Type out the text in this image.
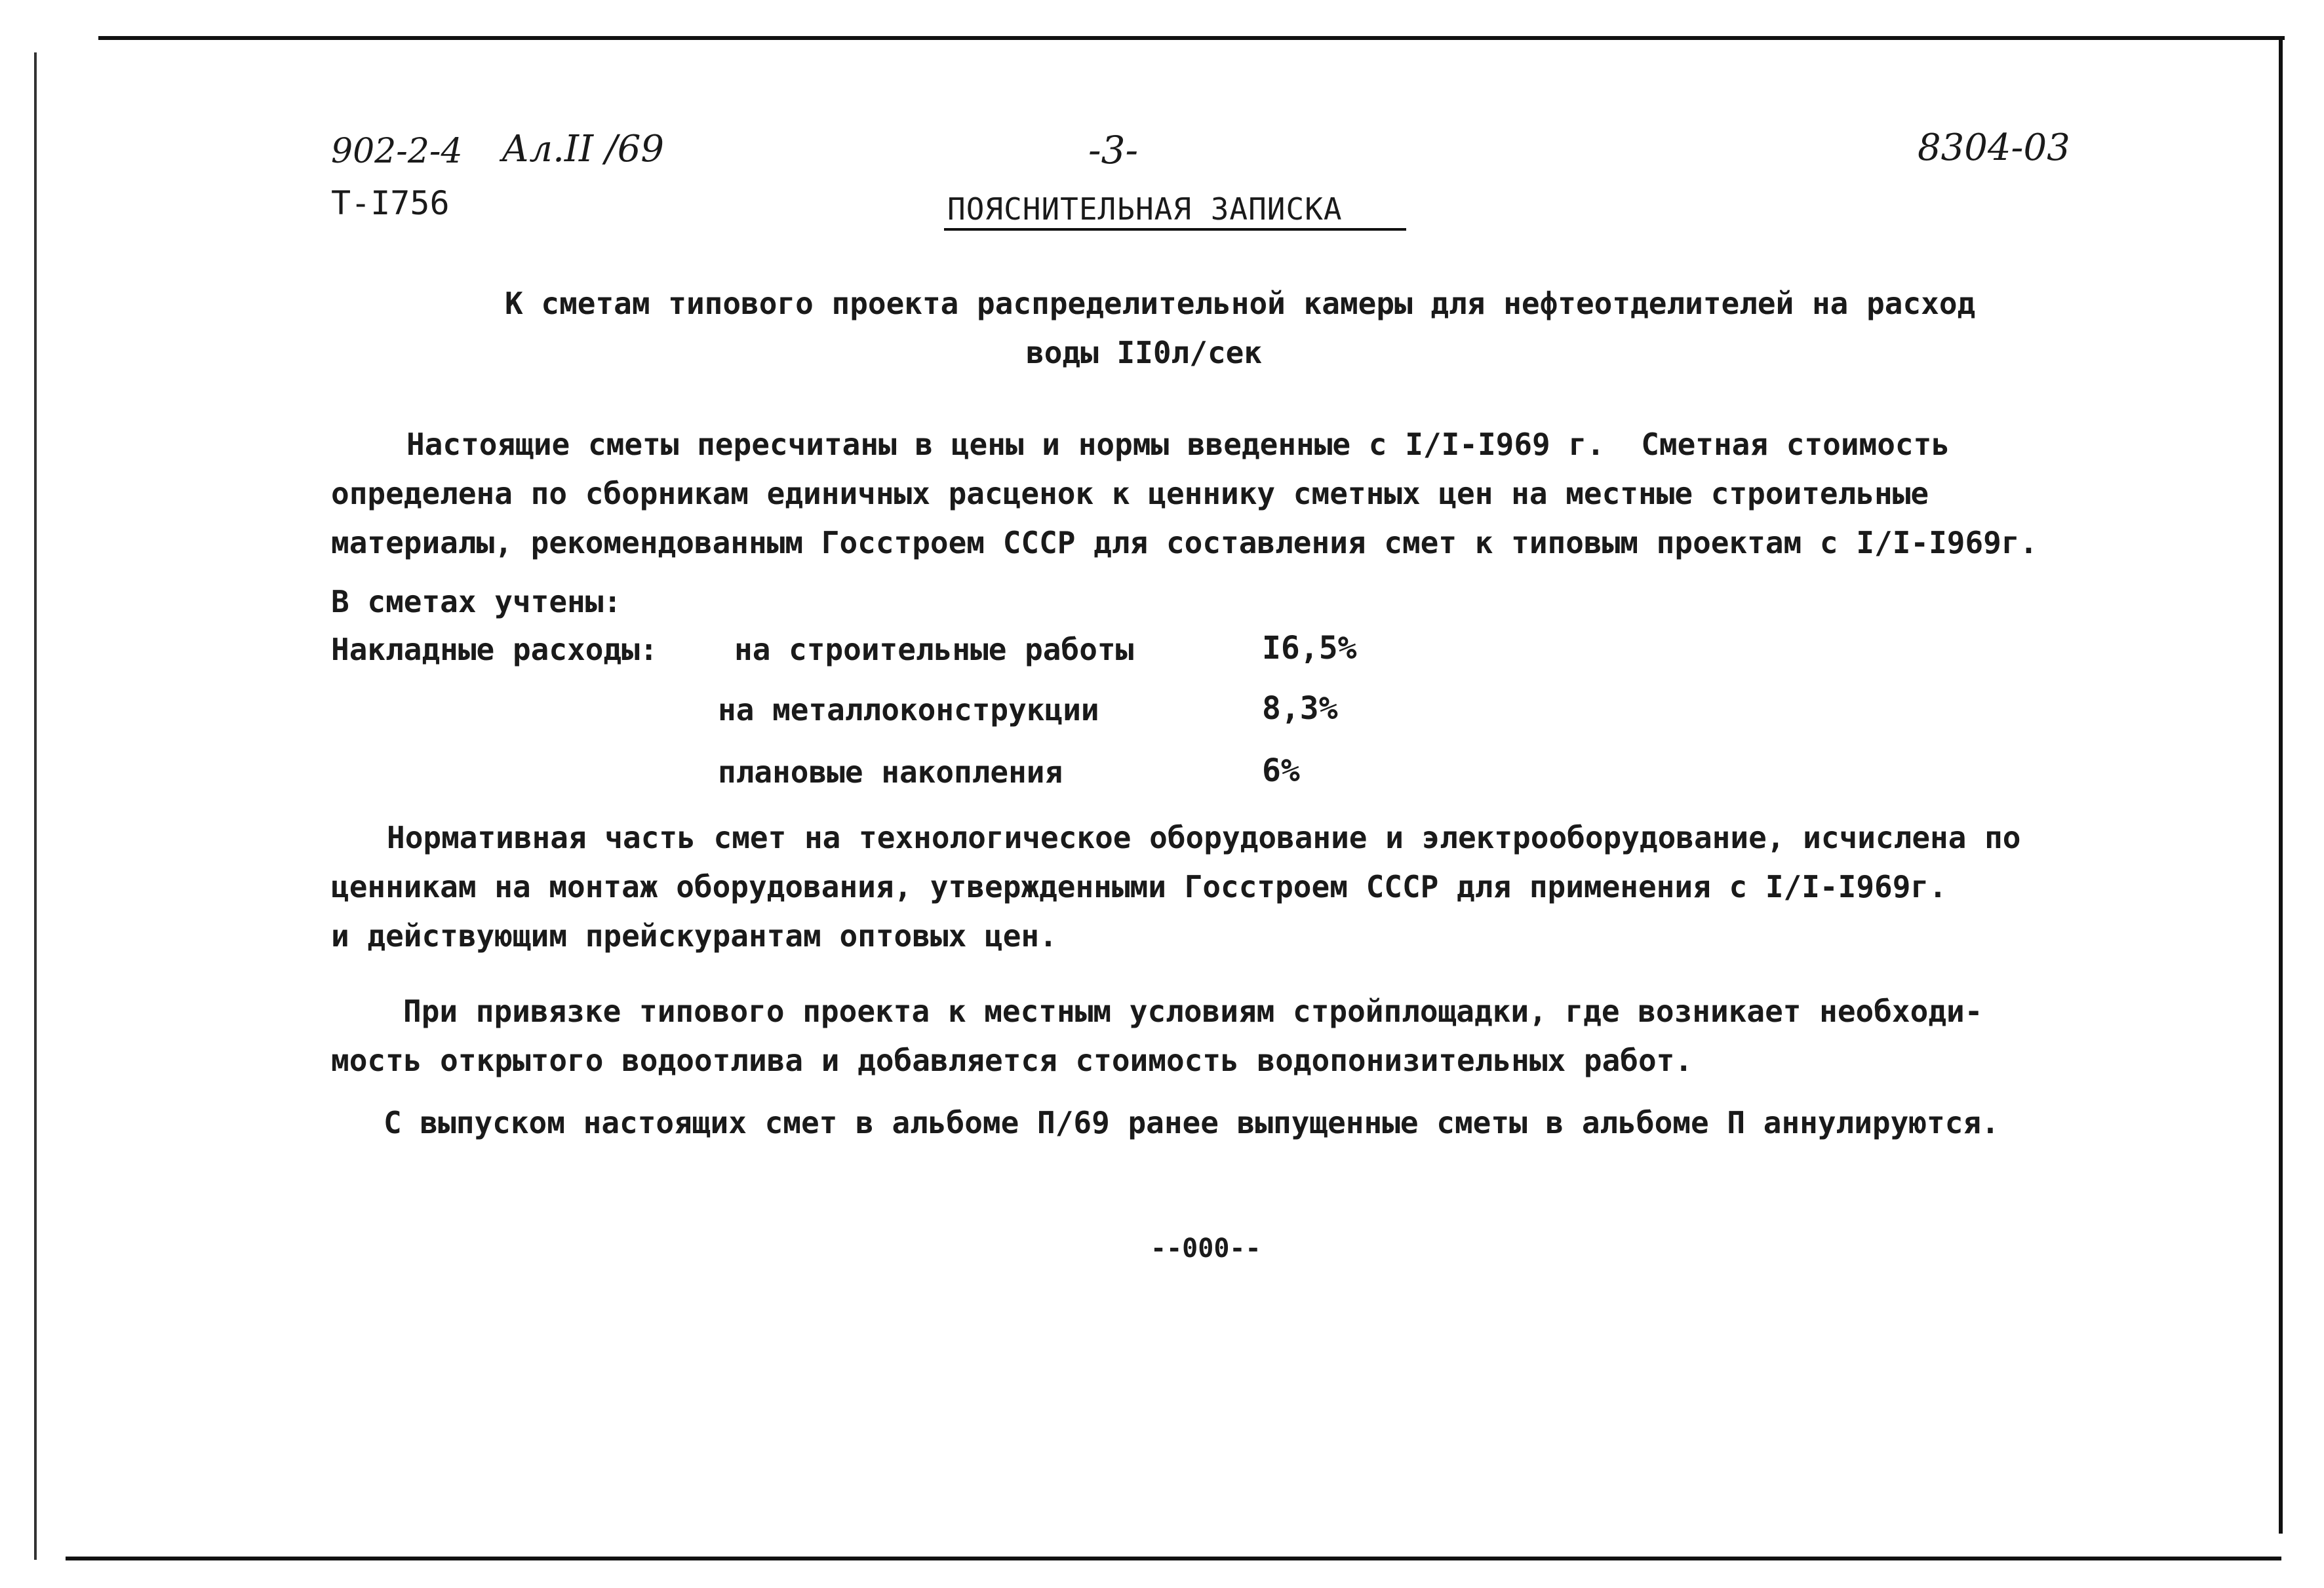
902-2-4 Ал.II /69
Т-I756
-3-	8304-03
ПОЯСНИТЕЛЬНАЯ ЗАПИСКА
К сметам типового проекта распределительной камеры для нефтеотделителей на расход
воды II0л/сек
Настоящие сметы пересчитаны в цены и нормы введенные с I/I-I969 г.  Сметная стоимость
определена по сборникам единичных расценок к ценнику сметных цен на местные строительные
материалы, рекомендованным Госстроем СССР для составления смет к типовым проектам с I/I-I969г.
В сметах учтены:
Накладные расходы:	на строительные работы	I6,5%
на металлоконструкции	8,3%
плановые накопления	6%
Нормативная часть смет на технологическое оборудование и электрооборудование, исчислена по
ценникам на монтаж оборудования, утвержденными Госстроем СССР для применения с I/I-I969г.
и действующим прейскурантам оптовых цен.
При привязке типового проекта к местным условиям стройплощадки, где возникает необходи-
мость открытого водоотлива и добавляется стоимость водопонизительных работ.
С выпуском настоящих смет в альбоме П/69 ранее выпущенные сметы в альбоме П аннулируются.
--000--
